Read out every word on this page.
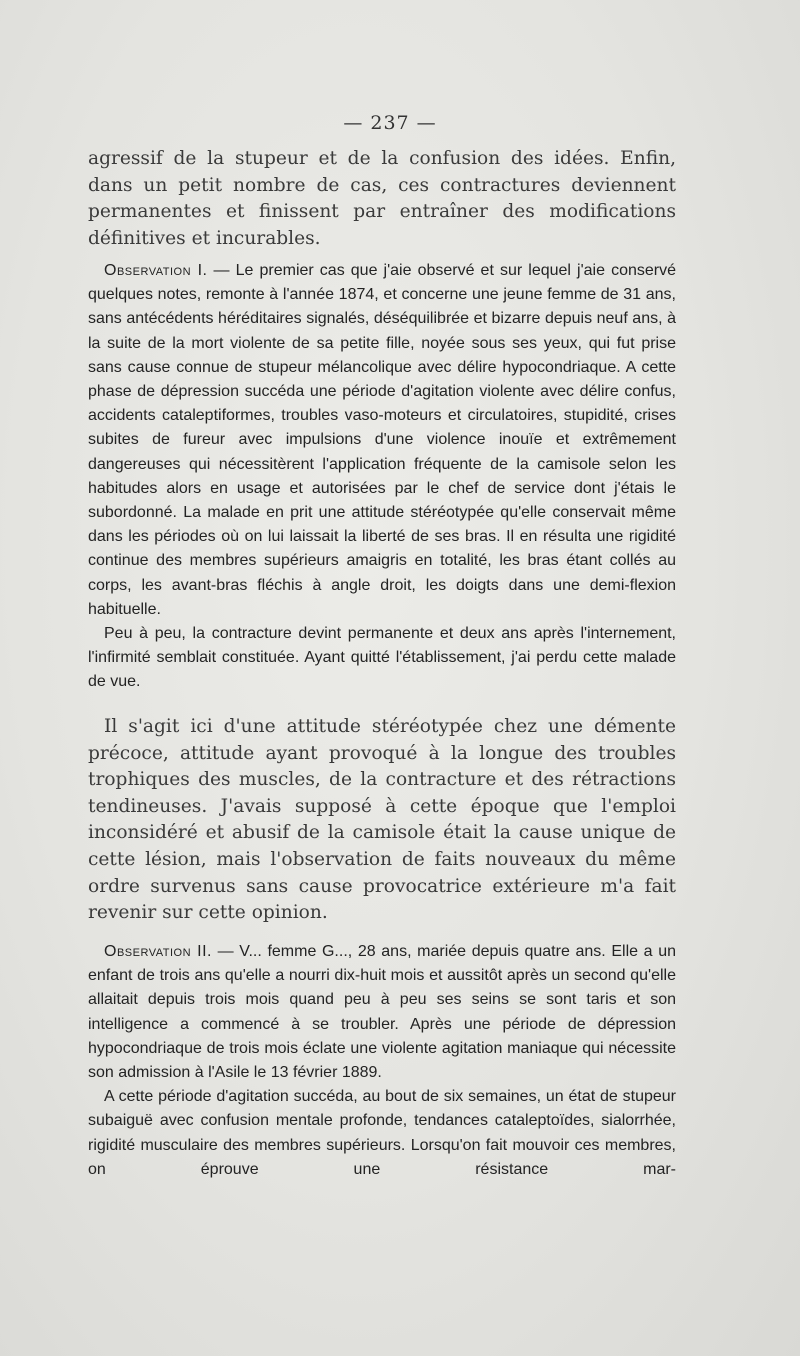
— 237 —

agressif de la stupeur et de la confusion des idées. Enfin, dans un petit nombre de cas, ces contractures deviennent permanentes et finissent par entraîner des modifications définitives et incurables.

Observation I. — Le premier cas que j'aie observé et sur lequel j'aie conservé quelques notes, remonte à l'année 1874, et concerne une jeune femme de 31 ans, sans antécédents héréditaires signalés, déséquilibrée et bizarre depuis neuf ans, à la suite de la mort violente de sa petite fille, noyée sous ses yeux, qui fut prise sans cause connue de stupeur mélancolique avec délire hypocondriaque. A cette phase de dépression succéda une période d'agitation violente avec délire confus, accidents cataleptiformes, troubles vaso-moteurs et circulatoires, stupidité, crises subites de fureur avec impulsions d'une violence inouïe et extrêmement dangereuses qui nécessitèrent l'application fréquente de la camisole selon les habitudes alors en usage et autorisées par le chef de service dont j'étais le subordonné. La malade en prit une attitude stéréotypée qu'elle conservait même dans les périodes où on lui laissait la liberté de ses bras. Il en résulta une rigidité continue des membres supérieurs amaigris en totalité, les bras étant collés au corps, les avant-bras fléchis à angle droit, les doigts dans une demi-flexion habituelle.

Peu à peu, la contracture devint permanente et deux ans après l'internement, l'infirmité semblait constituée. Ayant quitté l'établissement, j'ai perdu cette malade de vue.

Il s'agit ici d'une attitude stéréotypée chez une démente précoce, attitude ayant provoqué à la longue des troubles trophiques des muscles, de la contracture et des rétractions tendineuses. J'avais supposé à cette époque que l'emploi inconsidéré et abusif de la camisole était la cause unique de cette lésion, mais l'observation de faits nouveaux du même ordre survenus sans cause provocatrice extérieure m'a fait revenir sur cette opinion.

Observation II. — V... femme G..., 28 ans, mariée depuis quatre ans. Elle a un enfant de trois ans qu'elle a nourri dix-huit mois et aussitôt après un second qu'elle allaitait depuis trois mois quand peu à peu ses seins se sont taris et son intelligence a commencé à se troubler. Après une période de dépression hypocondriaque de trois mois éclate une violente agitation maniaque qui nécessite son admission à l'Asile le 13 février 1889.

A cette période d'agitation succéda, au bout de six semaines, un état de stupeur subaiguë avec confusion mentale profonde, tendances cataleptoïdes, sialorrhée, rigidité musculaire des membres supérieurs. Lorsqu'on fait mouvoir ces membres, on éprouve une résistance mar-
